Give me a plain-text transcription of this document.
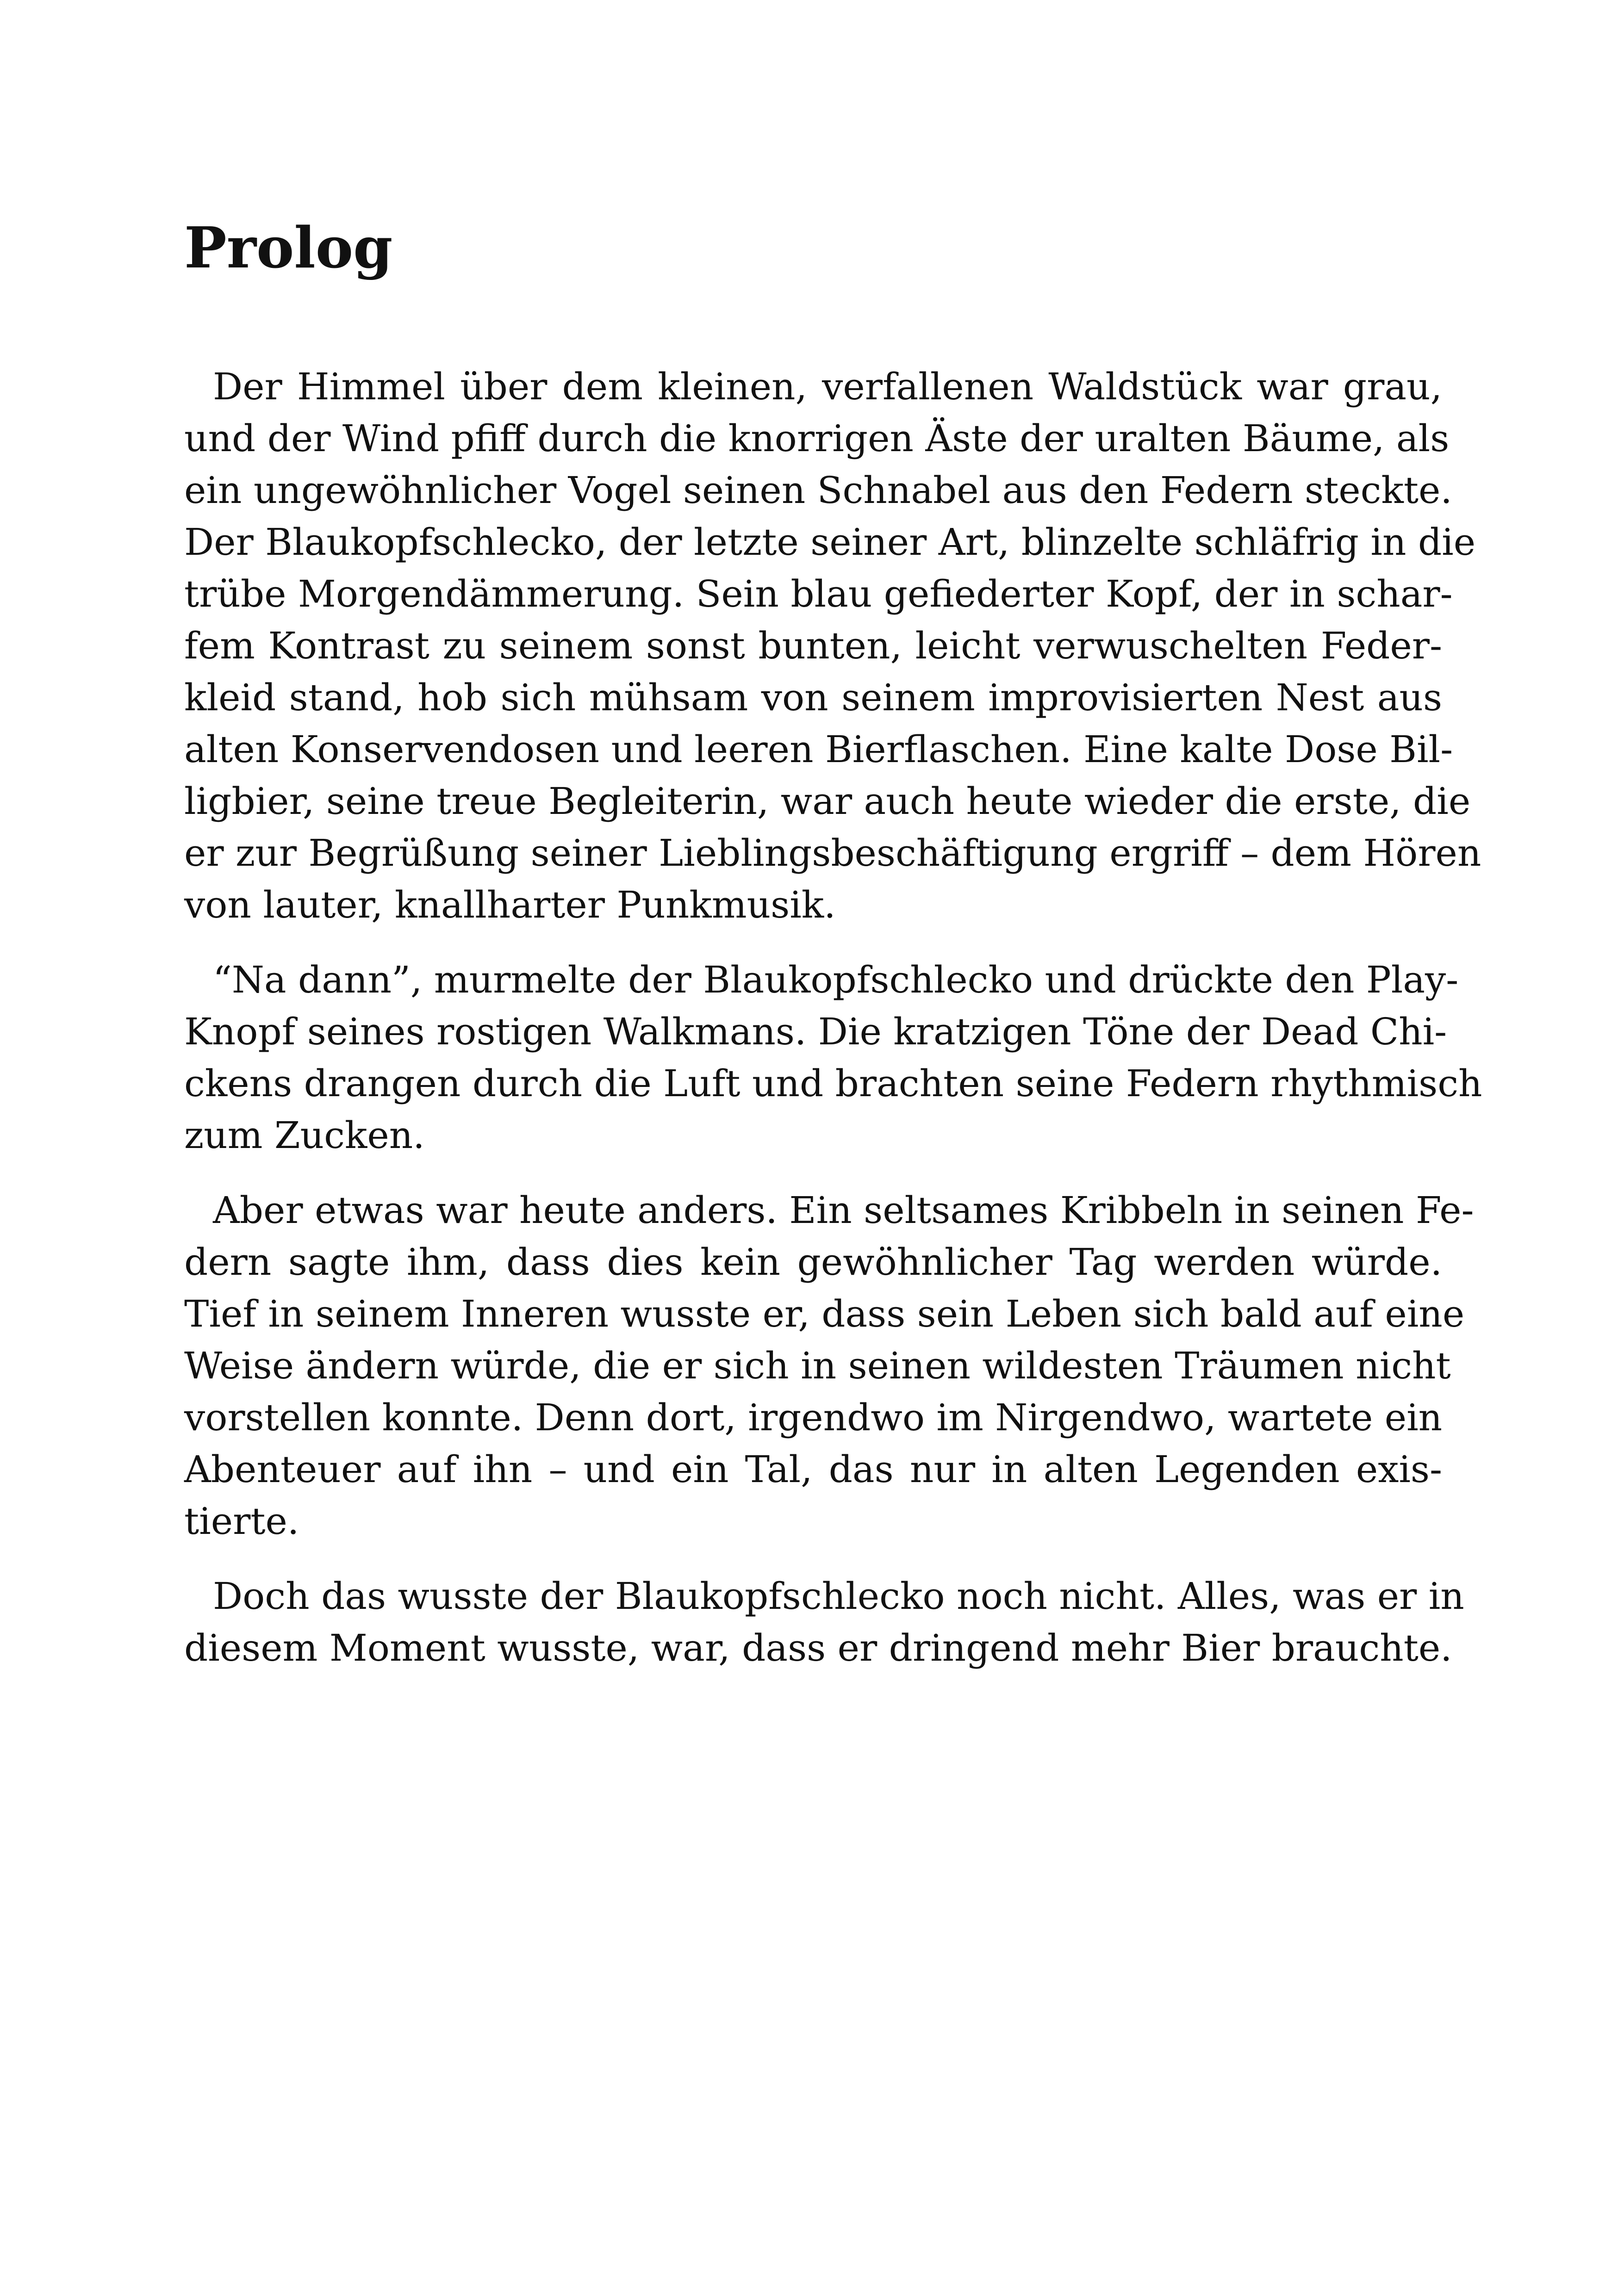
Prolog

Der Himmel über dem kleinen, verfallenen Waldstück war grau,
und der Wind pfiff durch die knorrigen Äste der uralten Bäume, als
ein ungewöhnlicher Vogel seinen Schnabel aus den Federn steckte.
Der Blaukopfschlecko, der letzte seiner Art, blinzelte schläfrig in die
trübe Morgendämmerung. Sein blau gefiederter Kopf, der in schar-
fem Kontrast zu seinem sonst bunten, leicht verwuschelten Feder-
kleid stand, hob sich mühsam von seinem improvisierten Nest aus
alten Konservendosen und leeren Bierflaschen. Eine kalte Dose Bil-
ligbier, seine treue Begleiterin, war auch heute wieder die erste, die
er zur Begrüßung seiner Lieblingsbeschäftigung ergriff – dem Hören
von lauter, knallharter Punkmusik.

“Na dann”, murmelte der Blaukopfschlecko und drückte den Play-
Knopf seines rostigen Walkmans. Die kratzigen Töne der Dead Chi-
ckens drangen durch die Luft und brachten seine Federn rhythmisch
zum Zucken.

Aber etwas war heute anders. Ein seltsames Kribbeln in seinen Fe-
dern sagte ihm, dass dies kein gewöhnlicher Tag werden würde.
Tief in seinem Inneren wusste er, dass sein Leben sich bald auf eine
Weise ändern würde, die er sich in seinen wildesten Träumen nicht
vorstellen konnte. Denn dort, irgendwo im Nirgendwo, wartete ein
Abenteuer auf ihn – und ein Tal, das nur in alten Legenden exis-
tierte.

Doch das wusste der Blaukopfschlecko noch nicht. Alles, was er in
diesem Moment wusste, war, dass er dringend mehr Bier brauchte.
